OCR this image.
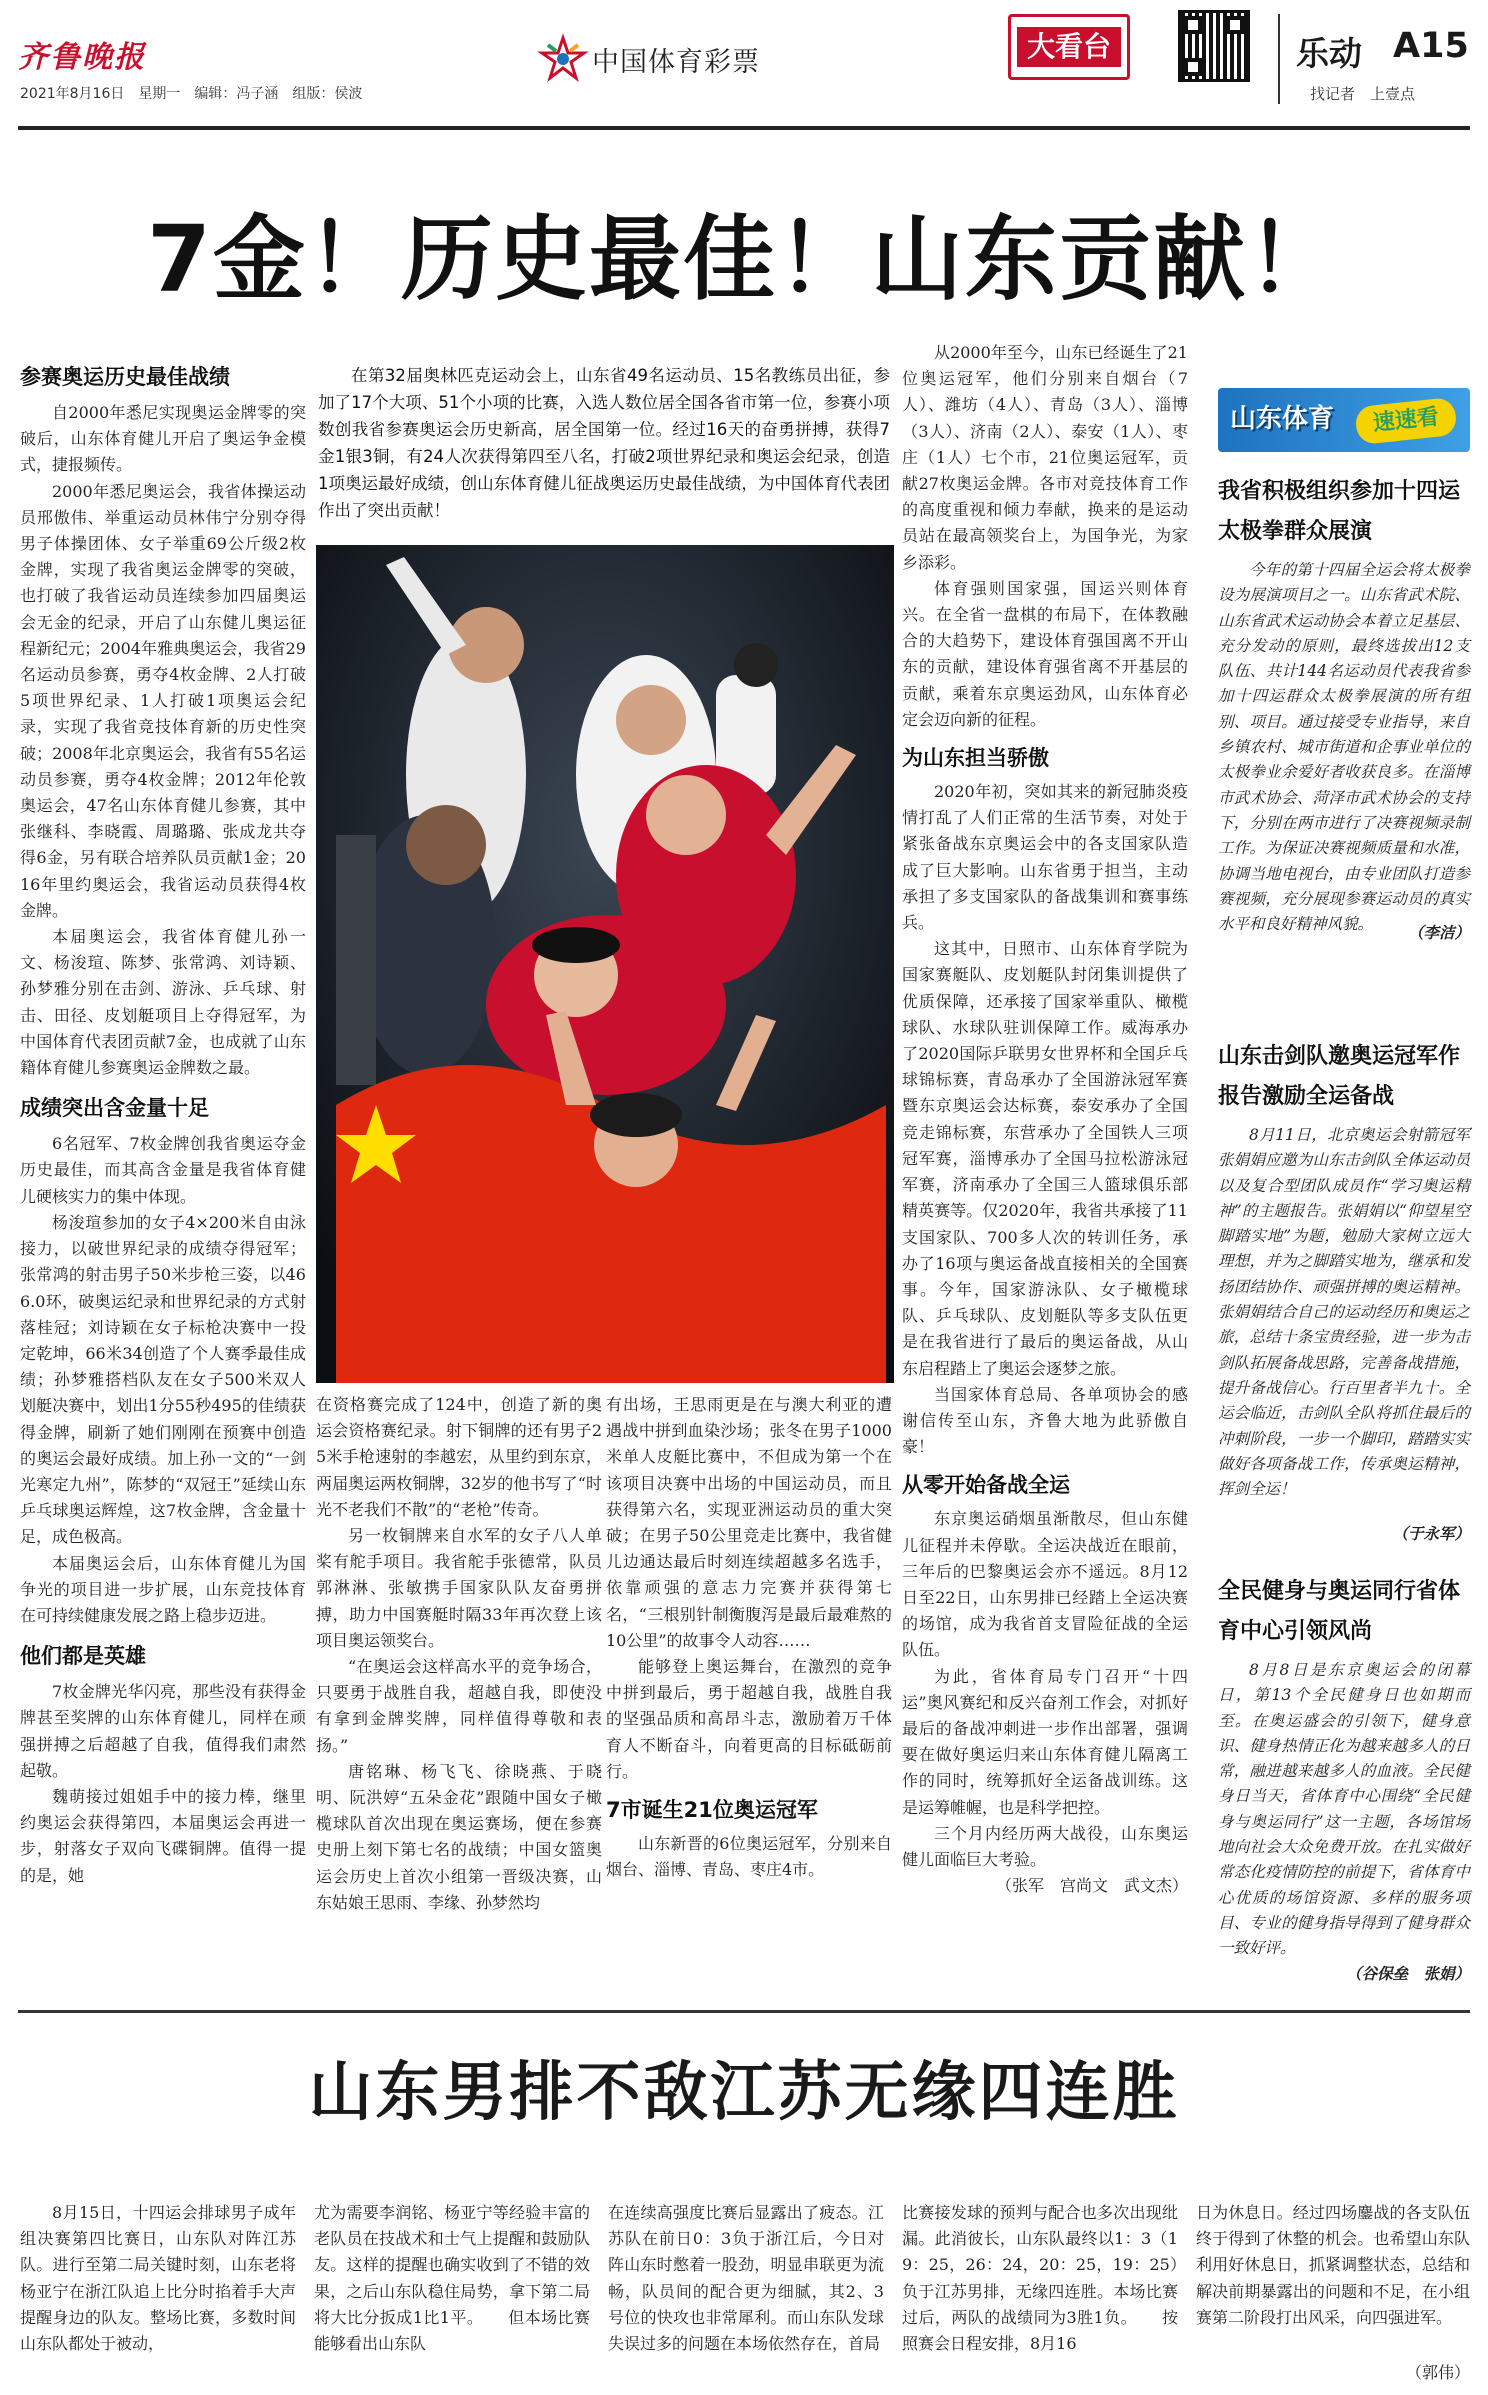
齐鲁晚报
2021年8月16日　星期一　编辑：冯子涵　组版：侯波
中国体育彩票	大看台	乐动 A15
找记者　上壹点
7金！历史最佳！山东贡献！
参赛奥运历史最佳战绩
自2000年悉尼实现奥运金牌零的突破后，山东体育健儿开启了奥运争金模式，捷报频传。
2000年悉尼奥运会，我省体操运动员邢傲伟、举重运动员林伟宁分别夺得男子体操团体、女子举重69公斤级2枚金牌，实现了我省奥运金牌零的突破，也打破了我省运动员连续参加四届奥运会无金的纪录，开启了山东健儿奥运征程新纪元；2004年雅典奥运会，我省29名运动员参赛，勇夺4枚金牌、2人打破5项世界纪录、1人打破1项奥运会纪录，实现了我省竞技体育新的历史性突破；2008年北京奥运会，我省有55名运动员参赛，勇夺4枚金牌；2012年伦敦奥运会，47名山东体育健儿参赛，其中张继科、李晓霞、周璐璐、张成龙共夺得6金，另有联合培养队员贡献1金；2016年里约奥运会，我省运动员获得4枚金牌。
本届奥运会，我省体育健儿孙一文、杨浚瑄、陈梦、张常鸿、刘诗颖、孙梦雅分别在击剑、游泳、乒乓球、射击、田径、皮划艇项目上夺得冠军，为中国体育代表团贡献7金，也成就了山东籍体育健儿参赛奥运金牌数之最。
成绩突出含金量十足
6名冠军、7枚金牌创我省奥运夺金历史最佳，而其高含金量是我省体育健儿硬核实力的集中体现。
杨浚瑄参加的女子4×200米自由泳接力，以破世界纪录的成绩夺得冠军；张常鸿的射击男子50米步枪三姿，以466.0环，破奥运纪录和世界纪录的方式射落桂冠；刘诗颖在女子标枪决赛中一投定乾坤，66米34创造了个人赛季最佳成绩；孙梦雅搭档队友在女子500米双人划艇决赛中，划出1分55秒495的佳绩获得金牌，刷新了她们刚刚在预赛中创造的奥运会最好成绩。加上孙一文的“一剑光寒定九州”，陈梦的“双冠王”延续山东乒乓球奥运辉煌，这7枚金牌，含金量十足，成色极高。
本届奥运会后，山东体育健儿为国争光的项目进一步扩展，山东竞技体育在可持续健康发展之路上稳步迈进。
他们都是英雄
7枚金牌光华闪亮，那些没有获得金牌甚至奖牌的山东体育健儿，同样在顽强拼搏之后超越了自我，值得我们肃然起敬。
魏萌接过姐姐手中的接力棒，继里约奥运会获得第四，本届奥运会再进一步，射落女子双向飞碟铜牌。值得一提的是，她
在第32届奥林匹克运动会上，山东省49名运动员、15名教练员出征，参加了17个大项、51个小项的比赛，入选人数位居全国各省市第一位，参赛小项数创我省参赛奥运会历史新高，居全国第一位。经过16天的奋勇拼搏，获得7金1银3铜，有24人次获得第四至八名，打破2项世界纪录和奥运会纪录，创造1项奥运最好成绩，创山东体育健儿征战奥运历史最佳战绩，为中国体育代表团作出了突出贡献！
在资格赛完成了124中，创造了新的奥运会资格赛纪录。射下铜牌的还有男子25米手枪速射的李越宏，从里约到东京，两届奥运两枚铜牌，32岁的他书写了“时光不老我们不散”的“老枪”传奇。
另一枚铜牌来自水军的女子八人单桨有舵手项目。我省舵手张德常，队员郭淋淋、张敏携手国家队队友奋勇拼搏，助力中国赛艇时隔33年再次登上该项目奥运领奖台。
“在奥运会这样高水平的竞争场合，只要勇于战胜自我，超越自我，即使没有拿到金牌奖牌，同样值得尊敬和表扬。”
唐铭琳、杨飞飞、徐晓燕、于晓明、阮洪婷“五朵金花”跟随中国女子橄榄球队首次出现在奥运赛场，便在参赛史册上刻下第七名的战绩；中国女篮奥运会历史上首次小组第一晋级决赛，山东姑娘王思雨、李缘、孙梦然均
有出场，王思雨更是在与澳大利亚的遭遇战中拼到血染沙场；张冬在男子1000米单人皮艇比赛中，不但成为第一个在该项目决赛中出场的中国运动员，而且获得第六名，实现亚洲运动员的重大突破；在男子50公里竞走比赛中，我省健儿边通达最后时刻连续超越多名选手，依靠顽强的意志力完赛并获得第七名，“三根别针制衡腹泻是最后最难熬的10公里”的故事令人动容……
能够登上奥运舞台，在激烈的竞争中拼到最后，勇于超越自我，战胜自我的坚强品质和高昂斗志，激励着万千体育人不断奋斗，向着更高的目标砥砺前行。
7市诞生21位奥运冠军
山东新晋的6位奥运冠军，分别来自烟台、淄博、青岛、枣庄4市。
从2000年至今，山东已经诞生了21位奥运冠军，他们分别来自烟台（7人）、潍坊（4人）、青岛（3人）、淄博（3人）、济南（2人）、泰安（1人）、枣庄（1人）七个市，21位奥运冠军，贡献27枚奥运金牌。各市对竞技体育工作的高度重视和倾力奉献，换来的是运动员站在最高领奖台上，为国争光，为家乡添彩。
体育强则国家强，国运兴则体育兴。在全省一盘棋的布局下，在体教融合的大趋势下，建设体育强国离不开山东的贡献，建设体育强省离不开基层的贡献，乘着东京奥运劲风，山东体育必定会迈向新的征程。
为山东担当骄傲
2020年初，突如其来的新冠肺炎疫情打乱了人们正常的生活节奏，对处于紧张备战东京奥运会中的各支国家队造成了巨大影响。山东省勇于担当，主动承担了多支国家队的备战集训和赛事练兵。
这其中，日照市、山东体育学院为国家赛艇队、皮划艇队封闭集训提供了优质保障，还承接了国家举重队、橄榄球队、水球队驻训保障工作。威海承办了2020国际乒联男女世界杯和全国乒乓球锦标赛，青岛承办了全国游泳冠军赛暨东京奥运会达标赛，泰安承办了全国竞走锦标赛，东营承办了全国铁人三项冠军赛，淄博承办了全国马拉松游泳冠军赛，济南承办了全国三人篮球俱乐部精英赛等。仅2020年，我省共承接了11支国家队、700多人次的转训任务，承办了16项与奥运备战直接相关的全国赛事。今年，国家游泳队、女子橄榄球队、乒乓球队、皮划艇队等多支队伍更是在我省进行了最后的奥运备战，从山东启程踏上了奥运会逐梦之旅。
当国家体育总局、各单项协会的感谢信传至山东，齐鲁大地为此骄傲自豪！
从零开始备战全运
东京奥运硝烟虽渐散尽，但山东健儿征程并未停歇。全运决战近在眼前，三年后的巴黎奥运会亦不遥远。8月12日至22日，山东男排已经踏上全运决赛的场馆，成为我省首支冒险征战的全运队伍。
为此，省体育局专门召开“十四运”奥风赛纪和反兴奋剂工作会，对抓好最后的备战冲刺进一步作出部署，强调要在做好奥运归来山东体育健儿隔离工作的同时，统筹抓好全运备战训练。这是运筹帷幄，也是科学把控。
三个月内经历两大战役，山东奥运健儿面临巨大考验。
（张军　宫尚文　武文杰）
山东体育	速速看
我省积极组织参加十四运太极拳群众展演
今年的第十四届全运会将太极拳设为展演项目之一。山东省武术院、山东省武术运动协会本着立足基层、充分发动的原则，最终选拔出12支队伍、共计144名运动员代表我省参加十四运群众太极拳展演的所有组别、项目。通过接受专业指导，来自乡镇农村、城市街道和企事业单位的太极拳业余爱好者收获良多。在淄博市武术协会、菏泽市武术协会的支持下，分别在两市进行了决赛视频录制工作。为保证决赛视频质量和水准，协调当地电视台，由专业团队打造参赛视频，充分展现参赛运动员的真实水平和良好精神风貌。	（李洁）
山东击剑队邀奥运冠军作报告激励全运备战
8月11日，北京奥运会射箭冠军张娟娟应邀为山东击剑队全体运动员以及复合型团队成员作“学习奥运精神”的主题报告。张娟娟以“仰望星空　脚踏实地”为题，勉励大家树立远大理想，并为之脚踏实地为，继承和发扬团结协作、顽强拼搏的奥运精神。张娟娟结合自己的运动经历和奥运之旅，总结十条宝贵经验，进一步为击剑队拓展备战思路，完善备战措施，提升备战信心。行百里者半九十。全运会临近，击剑队全队将抓住最后的冲刺阶段，一步一个脚印，踏踏实实做好各项备战工作，传承奥运精神，挥剑全运！
（于永军）
全民健身与奥运同行省体育中心引领风尚
8月8日是东京奥运会的闭幕日，第13个全民健身日也如期而至。在奥运盛会的引领下，健身意识、健身热情正化为越来越多人的日常，融进越来越多人的血液。全民健身日当天，省体育中心围绕“全民健身与奥运同行”这一主题，各场馆场地向社会大众免费开放。在扎实做好常态化疫情防控的前提下，省体育中心优质的场馆资源、多样的服务项目、专业的健身指导得到了健身群众一致好评。
（谷保垒　张娟）
山东男排不敌江苏无缘四连胜
8月15日，十四运会排球男子成年组决赛第四比赛日，山东队对阵江苏队。进行至第二局关键时刻，山东老将杨亚宁在浙江队追上比分时掐着手大声提醒身边的队友。整场比赛，多数时间山东队都处于被动，
尤为需要李润铭、杨亚宁等经验丰富的老队员在技战术和士气上提醒和鼓励队友。这样的提醒也确实收到了不错的效果，之后山东队稳住局势，拿下第二局将大比分扳成1比1平。　　但本场比赛能够看出山东队
在连续高强度比赛后显露出了疲态。江苏队在前日0：3负于浙江后，今日对阵山东时憋着一股劲，明显串联更为流畅，队员间的配合更为细腻，其2、3号位的快攻也非常犀利。而山东队发球失误过多的问题在本场依然存在，首局
比赛接发球的预判与配合也多次出现纰漏。此消彼长，山东队最终以1：3（19：25，26：24，20：25，19：25）负于江苏男排，无缘四连胜。本场比赛过后，两队的战绩同为3胜1负。　　按照赛会日程安排，8月16
日为休息日。经过四场鏖战的各支队伍终于得到了休整的机会。也希望山东队利用好休息日，抓紧调整状态，总结和解决前期暴露出的问题和不足，在小组赛第二阶段打出风采，向四强进军。
（郭伟）
